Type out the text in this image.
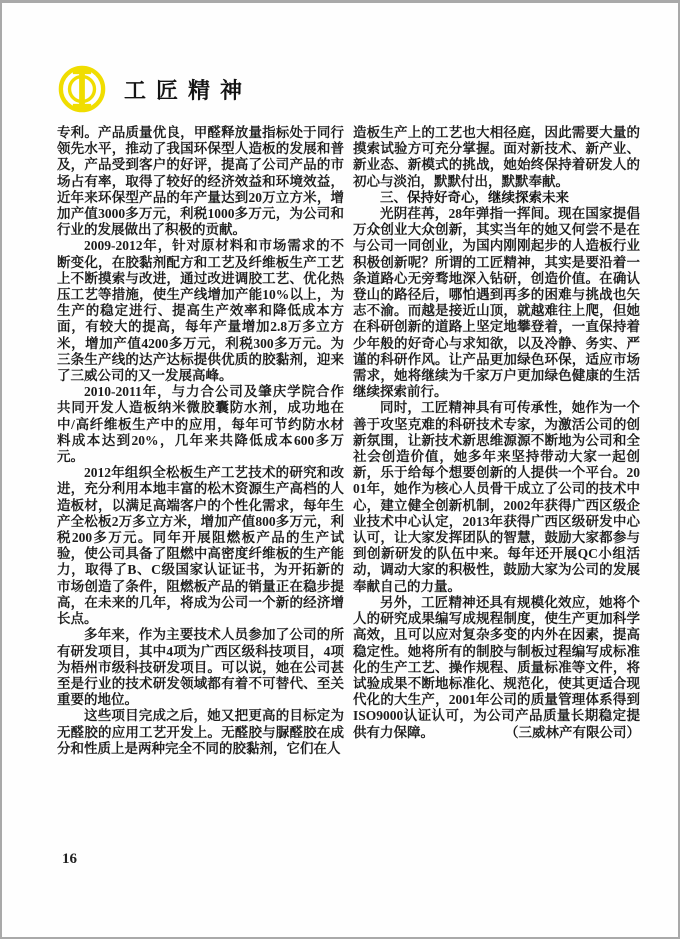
工匠精神

专利。产品质量优良，甲醛释放量指标处于同行领先水平，推动了我国环保型人造板的发展和普及，产品受到客户的好评，提高了公司产品的市场占有率，取得了较好的经济效益和环境效益，近年来环保型产品的年产量达到20万立方米，增加产值3000多万元，利税1000多万元，为公司和行业的发展做出了积极的贡献。

2009-2012年，针对原材料和市场需求的不断变化，在胶黏剂配方和工艺及纤维板生产工艺上不断摸索与改进，通过改进调胶工艺、优化热压工艺等措施，使生产线增加产能10%以上，为生产的稳定进行、提高生产效率和降低成本方面，有较大的提高，每年产量增加2.8万多立方米，增加产值4200多万元，利税300多万元。为三条生产线的达产达标提供优质的胶黏剂，迎来了三威公司的又一发展高峰。

2010-2011年，与力合公司及肇庆学院合作共同开发人造板纳米微胶囊防水剂，成功地在中/高纤维板生产中的应用，每年可节约防水材料成本达到20%，几年来共降低成本600多万元。

2012年组织全松板生产工艺技术的研究和改进，充分利用本地丰富的松木资源生产高档的人造板材，以满足高端客户的个性化需求，每年生产全松板2万多立方米，增加产值800多万元，利税200多万元。同年开展阻燃板产品的生产试验，使公司具备了阻燃中高密度纤维板的生产能力，取得了B、C级国家认证证书，为开拓新的市场创造了条件，阻燃板产品的销量正在稳步提高，在未来的几年，将成为公司一个新的经济增长点。

多年来，作为主要技术人员参加了公司的所有研发项目，其中4项为广西区级科技项目，4项为梧州市级科技研发项目。可以说，她在公司甚至是行业的技术研发领域都有着不可替代、至关重要的地位。

这些项目完成之后，她又把更高的目标定为无醛胶的应用工艺开发上。无醛胶与脲醛胶在成分和性质上是两种完全不同的胶黏剂，它们在人

造板生产上的工艺也大相径庭，因此需要大量的摸索试验方可充分掌握。面对新技术、新产业、新业态、新模式的挑战，她始终保持着研发人的初心与淡泊，默默付出，默默奉献。

三、保持好奇心，继续探索未来

光阴荏苒，28年弹指一挥间。现在国家提倡万众创业大众创新，其实当年的她又何尝不是在与公司一同创业，为国内刚刚起步的人造板行业积极创新呢？所谓的工匠精神，其实是要沿着一条道路心无旁骛地深入钻研，创造价值。在确认登山的路径后，哪怕遇到再多的困难与挑战也矢志不渝。而越是接近山顶，就越难往上爬，但她在科研创新的道路上坚定地攀登着，一直保持着少年般的好奇心与求知欲，以及冷静、务实、严谨的科研作风。让产品更加绿色环保，适应市场需求，她将继续为千家万户更加绿色健康的生活继续探索前行。

同时，工匠精神具有可传承性，她作为一个善于攻坚克难的科研技术专家，为激活公司的创新氛围，让新技术新思维源源不断地为公司和全社会创造价值，她多年来坚持带动大家一起创新，乐于给每个想要创新的人提供一个平台。2001年，她作为核心人员骨干成立了公司的技术中心，建立健全创新机制，2002年获得广西区级企业技术中心认定，2013年获得广西区级研发中心认可，让大家发挥团队的智慧，鼓励大家都参与到创新研发的队伍中来。每年还开展QC小组活动，调动大家的积极性，鼓励大家为公司的发展奉献自己的力量。

另外，工匠精神还具有规模化效应，她将个人的研究成果编写成规程制度，使生产更加科学高效，且可以应对复杂多变的内外在因素，提高稳定性。她将所有的制胶与制板过程编写成标准化的生产工艺、操作规程、质量标准等文件，将试验成果不断地标准化、规范化，使其更适合现代化的大生产，2001年公司的质量管理体系得到ISO9000认证认可，为公司产品质量长期稳定提供有力保障。	（三威林产有限公司）

16
